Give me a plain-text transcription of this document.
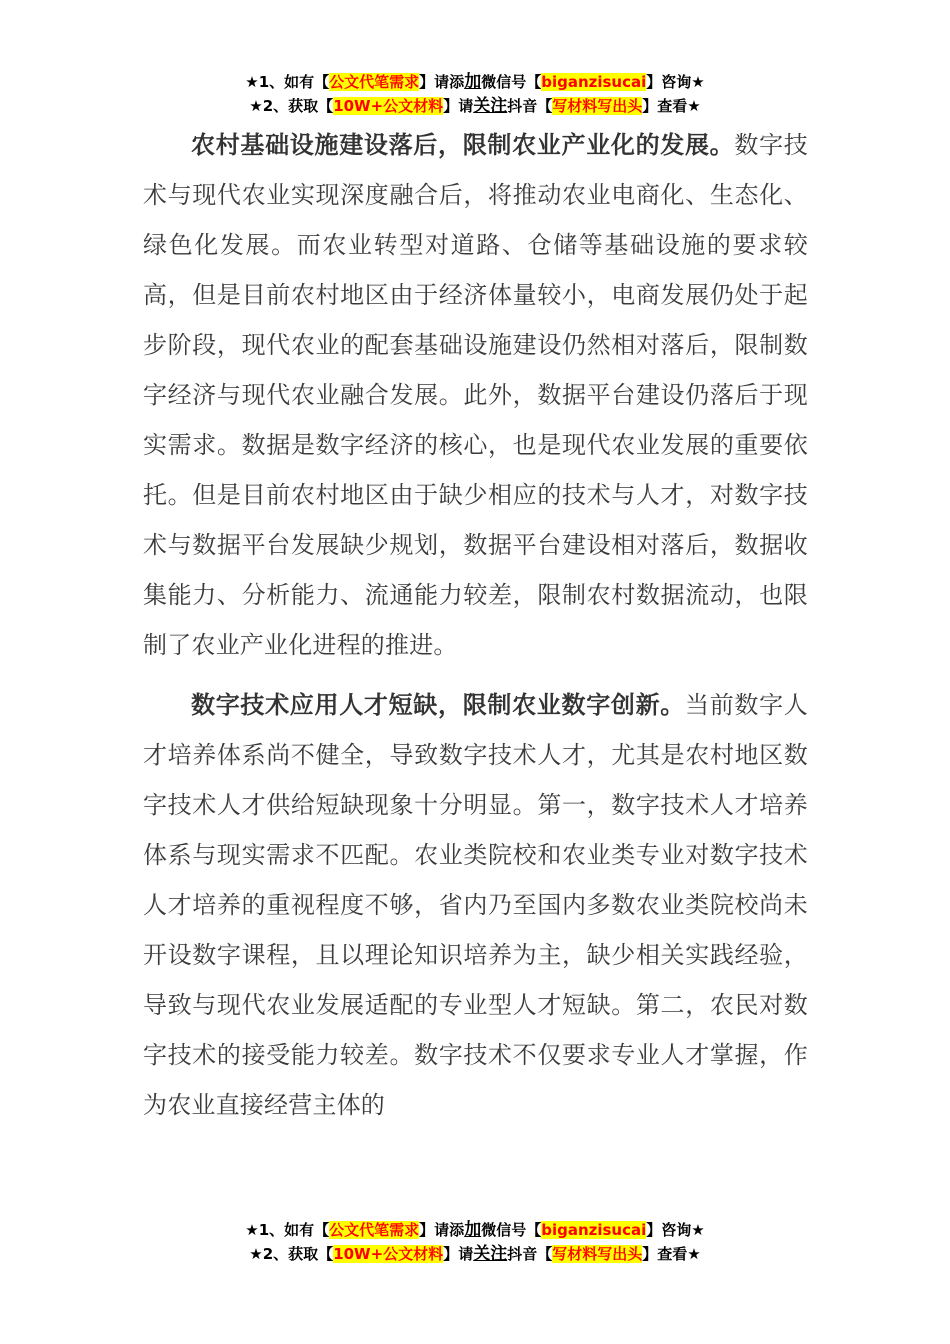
★1、如有【公文代笔需求】请添加微信号【biganzisucai】咨询★
★2、获取【10W+公文材料】请关注抖音【写材料写出头】查看★

农村基础设施建设落后，限制农业产业化的发展。数字技术与现代农业实现深度融合后，将推动农业电商化、生态化、绿色化发展。而农业转型对道路、仓储等基础设施的要求较高，但是目前农村地区由于经济体量较小，电商发展仍处于起步阶段，现代农业的配套基础设施建设仍然相对落后，限制数字经济与现代农业融合发展。此外，数据平台建设仍落后于现实需求。数据是数字经济的核心，也是现代农业发展的重要依托。但是目前农村地区由于缺少相应的技术与人才，对数字技术与数据平台发展缺少规划，数据平台建设相对落后，数据收集能力、分析能力、流通能力较差，限制农村数据流动，也限制了农业产业化进程的推进。

数字技术应用人才短缺，限制农业数字创新。当前数字人才培养体系尚不健全，导致数字技术人才，尤其是农村地区数字技术人才供给短缺现象十分明显。第一，数字技术人才培养体系与现实需求不匹配。农业类院校和农业类专业对数字技术人才培养的重视程度不够，省内乃至国内多数农业类院校尚未开设数字课程，且以理论知识培养为主，缺少相关实践经验，导致与现代农业发展适配的专业型人才短缺。第二，农民对数字技术的接受能力较差。数字技术不仅要求专业人才掌握，作为农业直接经营主体的

★1、如有【公文代笔需求】请添加微信号【biganzisucai】咨询★
★2、获取【10W+公文材料】请关注抖音【写材料写出头】查看★
